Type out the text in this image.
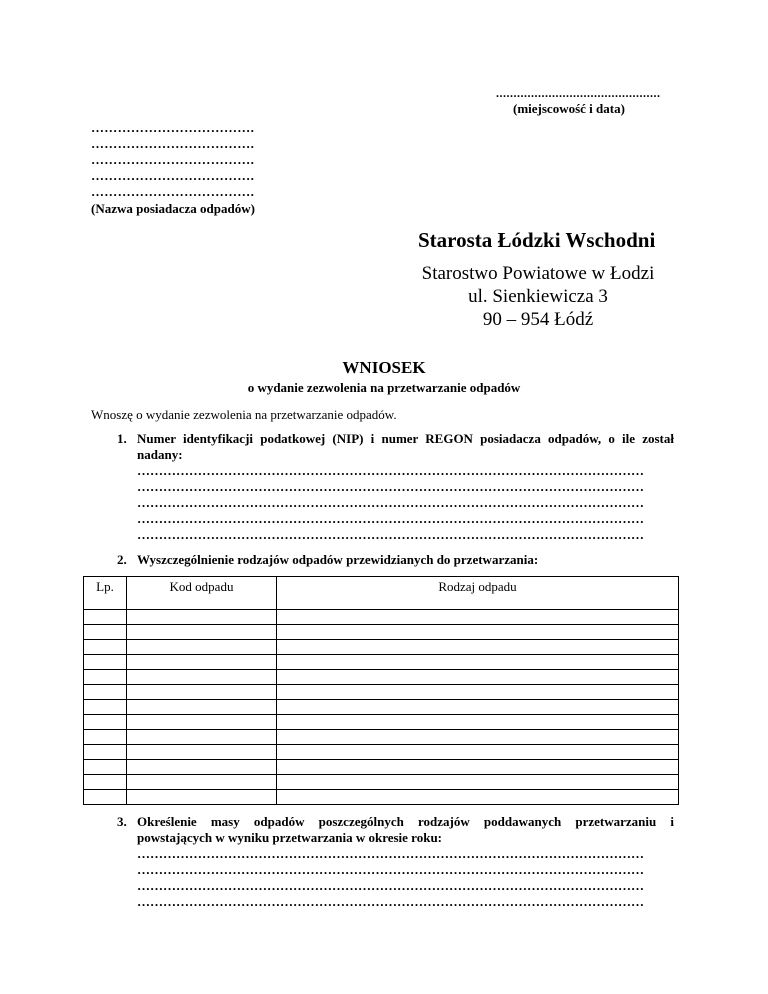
...............................................
(miejscowość i data)
……………………………….
……………………………….
……………………………….
……………………………….
……………………………….
(Nazwa posiadacza odpadów)
Starosta Łódzki Wschodni
Starostwo Powiatowe w Łodzi
ul. Sienkiewicza 3
90 – 954 Łódź
WNIOSEK
o wydanie zezwolenia na przetwarzanie odpadów
Wnoszę o wydanie zezwolenia na przetwarzanie odpadów.
1. Numer identyfikacji podatkowej (NIP) i numer REGON posiadacza odpadów, o ile został nadany:
………………………………………………………………………………………………………
………………………………………………………………………………………………………
………………………………………………………………………………………………………
………………………………………………………………………………………………………
………………………………………………………………………………………………………
2. Wyszczególnienie rodzajów odpadów przewidzianych do przetwarzania:
Lp.	Kod odpadu	Rodzaj odpadu

3. Określenie masy odpadów poszczególnych rodzajów poddawanych przetwarzaniu i powstających w wyniku przetwarzania w okresie roku:
………………………………………………………………………………………………………
………………………………………………………………………………………………………
………………………………………………………………………………………………………
………………………………………………………………………………………………………
